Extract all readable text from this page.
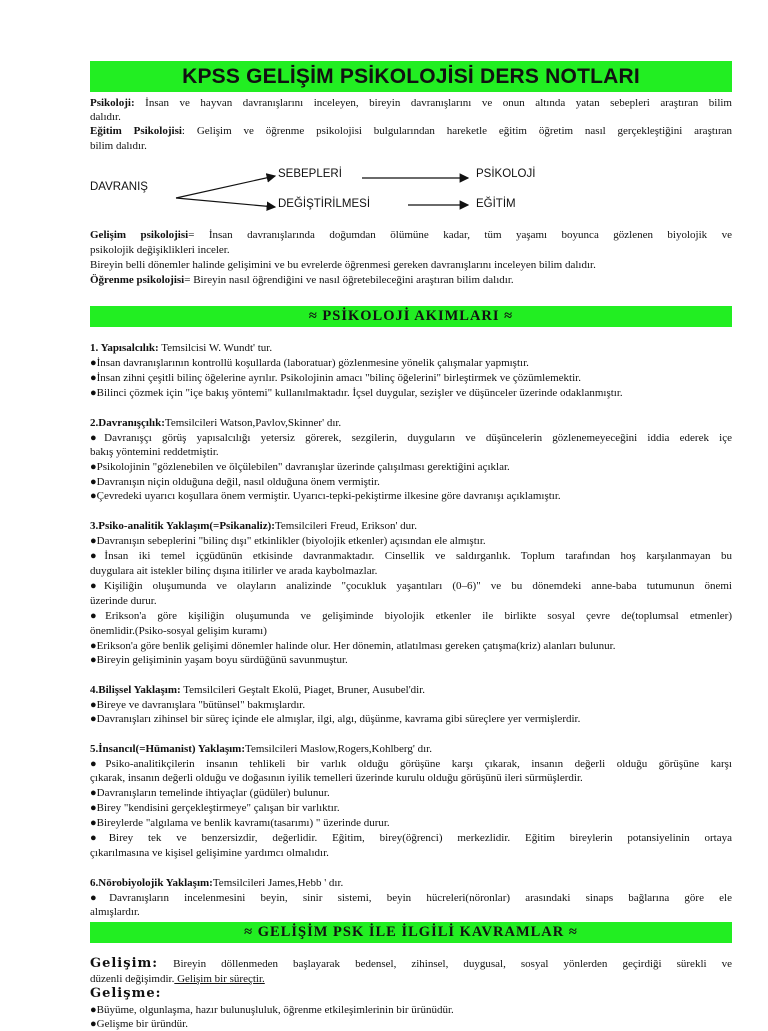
KPSS GELİŞİM PSİKOLOJİSİ DERS NOTLARI
Psikoloji: İnsan ve hayvan davranışlarını inceleyen, bireyin davranışlarını ve onun altında yatan sebepleri araştıran bilim
dalıdır.
Eğitim Psikolojisi: Gelişim ve öğrenme psikolojisi bulgularından hareketle eğitim öğretim nasıl gerçekleştiğini araştıran
bilim dalıdır.
DAVRANIŞ
SEBEPLERİ
DEĞİŞTİRİLMESİ
PSİKOLOJİ
EĞİTİM
Gelişim psikolojisi= İnsan davranışlarında doğumdan ölümüne kadar, tüm yaşamı boyunca gözlenen biyolojik ve
psikolojik değişiklikleri inceler.
Bireyin belli dönemler halinde gelişimini ve bu evrelerde öğrenmesi gereken davranışlarını inceleyen bilim dalıdır.
Öğrenme psikolojisi= Bireyin nasıl öğrendiğini ve nasıl öğretebileceğini araştıran bilim dalıdır.
≈ PSİKOLOJİ AKIMLARI ≈
1. Yapısalcılık: Temsilcisi W. Wundt' tur.
●İnsan davranışlarının kontrollü koşullarda (laboratuar) gözlenmesine yönelik çalışmalar yapmıştır.
●İnsan zihni çeşitli bilinç öğelerine ayrılır. Psikolojinin amacı "bilinç öğelerini" birleştirmek ve çözümlemektir.
●Bilinci çözmek için "içe bakış yöntemi" kullanılmaktadır. İçsel duygular, sezişler ve düşünceler üzerinde odaklanmıştır.
2.Davranışçılık:Temsilcileri Watson,Pavlov,Skinner' dır.
●Davranışçı görüş yapısalcılığı yetersiz görerek, sezgilerin, duyguların ve düşüncelerin gözlenemeyeceğini iddia ederek içe
bakış yöntemini reddetmiştir.
●Psikolojinin "gözlenebilen ve ölçülebilen" davranışlar üzerinde çalışılması gerektiğini açıklar.
●Davranışın niçin olduğuna değil, nasıl olduğuna önem vermiştir.
●Çevredeki uyarıcı koşullara önem vermiştir. Uyarıcı-tepki-pekiştirme ilkesine göre davranışı açıklamıştır.
3.Psiko-analitik Yaklaşım(=Psikanaliz):Temsilcileri Freud, Erikson' dur.
●Davranışın sebeplerini "bilinç dışı" etkinlikler (biyolojik etkenler) açısından ele almıştır.
●İnsan iki temel içgüdünün etkisinde davranmaktadır. Cinsellik ve saldırganlık. Toplum tarafından hoş karşılanmayan bu
duygulara ait istekler bilinç dışına itilirler ve arada kaybolmazlar.
●Kişiliğin oluşumunda ve olayların analizinde "çocukluk yaşantıları (0–6)" ve bu dönemdeki anne-baba tutumunun önemi
üzerinde durur.
●Erikson'a göre kişiliğin oluşumunda ve gelişiminde biyolojik etkenler ile birlikte sosyal çevre de(toplumsal etmenler)
önemlidir.(Psiko-sosyal gelişim kuramı)
●Erikson'a göre benlik gelişimi dönemler halinde olur. Her dönemin, atlatılması gereken çatışma(kriz) alanları bulunur.
●Bireyin gelişiminin yaşam boyu sürdüğünü savunmuştur.
4.Bilişsel Yaklaşım: Temsilcileri Geştalt Ekolü, Piaget, Bruner, Ausubel'dir.
●Bireye ve davranışlara "bütünsel" bakmışlardır.
●Davranışları zihinsel bir süreç içinde ele almışlar, ilgi, algı, düşünme, kavrama gibi süreçlere yer vermişlerdir.
5.İnsancıl(=Hümanist) Yaklaşım:Temsilcileri Maslow,Rogers,Kohlberg' dır.
●Psiko-analitikçilerin insanın tehlikeli bir varlık olduğu görüşüne karşı çıkarak, insanın değerli olduğu görüşüne karşı
çıkarak, insanın değerli olduğu ve doğasının iyilik temelleri üzerinde kurulu olduğu görüşünü ileri sürmüşlerdir.
●Davranışların temelinde ihtiyaçlar (güdüler) bulunur.
●Birey "kendisini gerçekleştirmeye" çalışan bir varlıktır.
●Bireylerde "algılama ve benlik kavramı(tasarımı) " üzerinde durur.
●Birey tek ve benzersizdir, değerlidir. Eğitim, birey(öğrenci) merkezlidir. Eğitim bireylerin potansiyelinin ortaya
çıkarılmasına ve kişisel gelişimine yardımcı olmalıdır.
6.Nörobiyolojik Yaklaşım:Temsilcileri James,Hebb ' dır.
●Davranışların incelenmesini beyin, sinir sistemi, beyin hücreleri(nöronlar) arasındaki sinaps bağlarına göre ele
almışlardır.
≈ GELİŞİM PSK İLE İLGİLİ KAVRAMLAR ≈
Gelişim: Bireyin döllenmeden başlayarak bedensel, zihinsel, duygusal, sosyal yönlerden geçirdiği sürekli ve
düzenli değişimdir. Gelişim bir süreçtir.
Gelişme:
●Büyüme, olgunlaşma, hazır bulunuşluluk, öğrenme etkileşimlerinin bir ürünüdür.
●Gelişme bir üründür.
